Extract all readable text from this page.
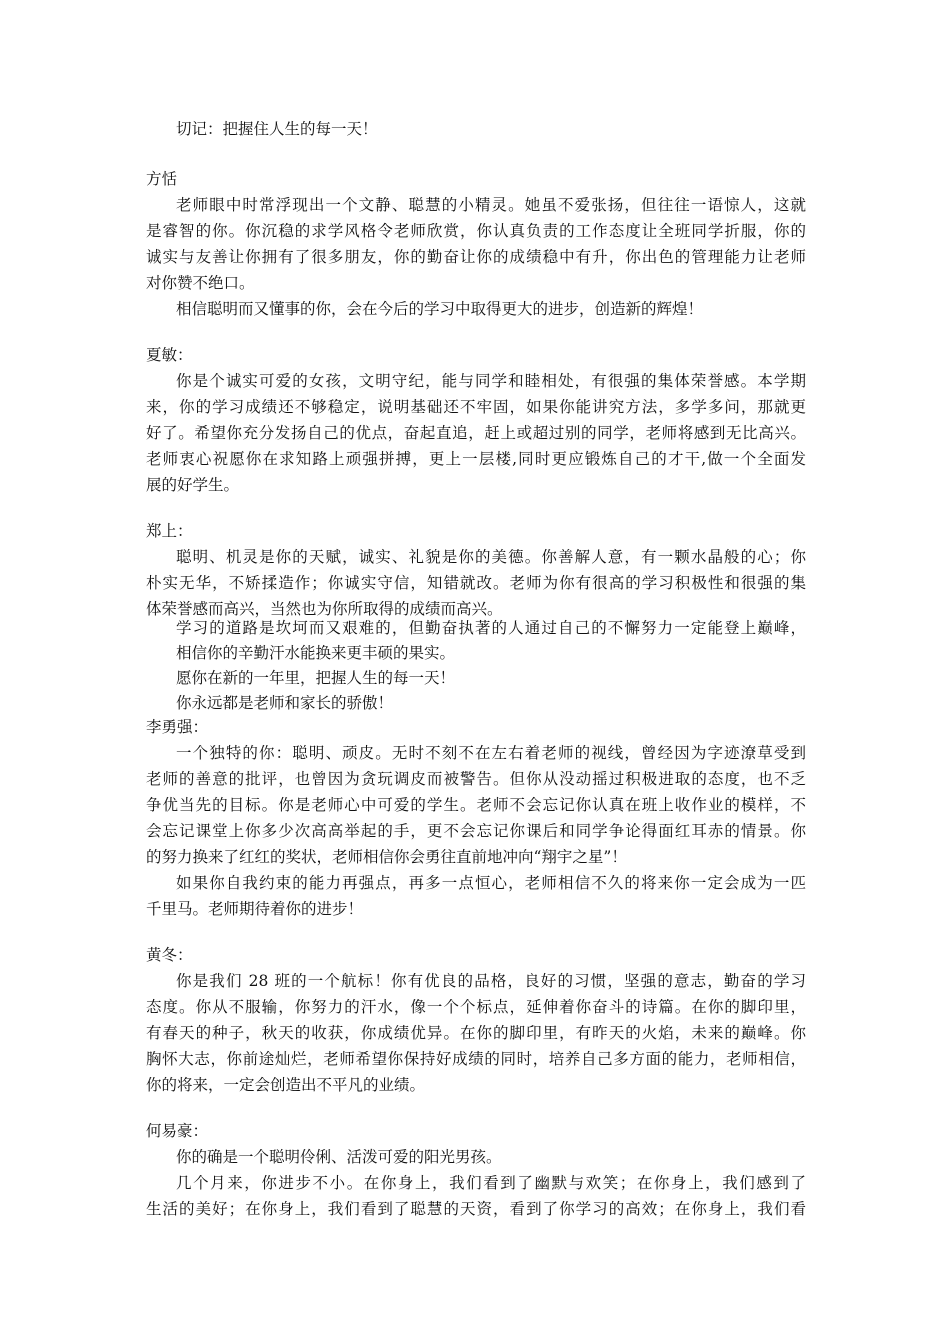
切记：把握住人生的每一天！
方恬
老师眼中时常浮现出一个文静、聪慧的小精灵。她虽不爱张扬，但往往一语惊人，这就
是睿智的你。你沉稳的求学风格令老师欣赏，你认真负责的工作态度让全班同学折服，你的
诚实与友善让你拥有了很多朋友，你的勤奋让你的成绩稳中有升，你出色的管理能力让老师
对你赞不绝口。
相信聪明而又懂事的你，会在今后的学习中取得更大的进步，创造新的辉煌！
夏敏：
你是个诚实可爱的女孩，文明守纪，能与同学和睦相处，有很强的集体荣誉感。本学期
来，你的学习成绩还不够稳定，说明基础还不牢固，如果你能讲究方法，多学多问，那就更
好了。希望你充分发扬自己的优点，奋起直追，赶上或超过别的同学，老师将感到无比高兴。
老师衷心祝愿你在求知路上顽强拼搏，更上一层楼,同时更应锻炼自己的才干,做一个全面发
展的好学生。
郑上：
聪明、机灵是你的天赋，诚实、礼貌是你的美德。你善解人意，有一颗水晶般的心；你
朴实无华，不矫揉造作；你诚实守信，知错就改。老师为你有很高的学习积极性和很强的集
体荣誉感而高兴，当然也为你所取得的成绩而高兴。
学习的道路是坎坷而又艰难的，但勤奋执著的人通过自己的不懈努力一定能登上巅峰，
相信你的辛勤汗水能换来更丰硕的果实。
愿你在新的一年里，把握人生的每一天！
你永远都是老师和家长的骄傲！
李勇强：
一个独特的你：聪明、顽皮。无时不刻不在左右着老师的视线，曾经因为字迹潦草受到
老师的善意的批评，也曾因为贪玩调皮而被警告。但你从没动摇过积极进取的态度，也不乏
争优当先的目标。你是老师心中可爱的学生。老师不会忘记你认真在班上收作业的模样，不
会忘记课堂上你多少次高高举起的手，更不会忘记你课后和同学争论得面红耳赤的情景。你
的努力换来了红红的奖状，老师相信你会勇往直前地冲向“翔宇之星”！
如果你自我约束的能力再强点，再多一点恒心，老师相信不久的将来你一定会成为一匹
千里马。老师期待着你的进步！
黄冬：
你是我们 28 班的一个航标！你有优良的品格，良好的习惯，坚强的意志，勤奋的学习
态度。你从不服输，你努力的汗水，像一个个标点，延伸着你奋斗的诗篇。在你的脚印里，
有春天的种子，秋天的收获，你成绩优异。在你的脚印里，有昨天的火焰，未来的巅峰。你
胸怀大志，你前途灿烂，老师希望你保持好成绩的同时，培养自己多方面的能力，老师相信，
你的将来，一定会创造出不平凡的业绩。
何易豪：
你的确是一个聪明伶俐、活泼可爱的阳光男孩。
几个月来，你进步不小。在你身上，我们看到了幽默与欢笑；在你身上，我们感到了
生活的美好；在你身上，我们看到了聪慧的天资，看到了你学习的高效；在你身上，我们看
